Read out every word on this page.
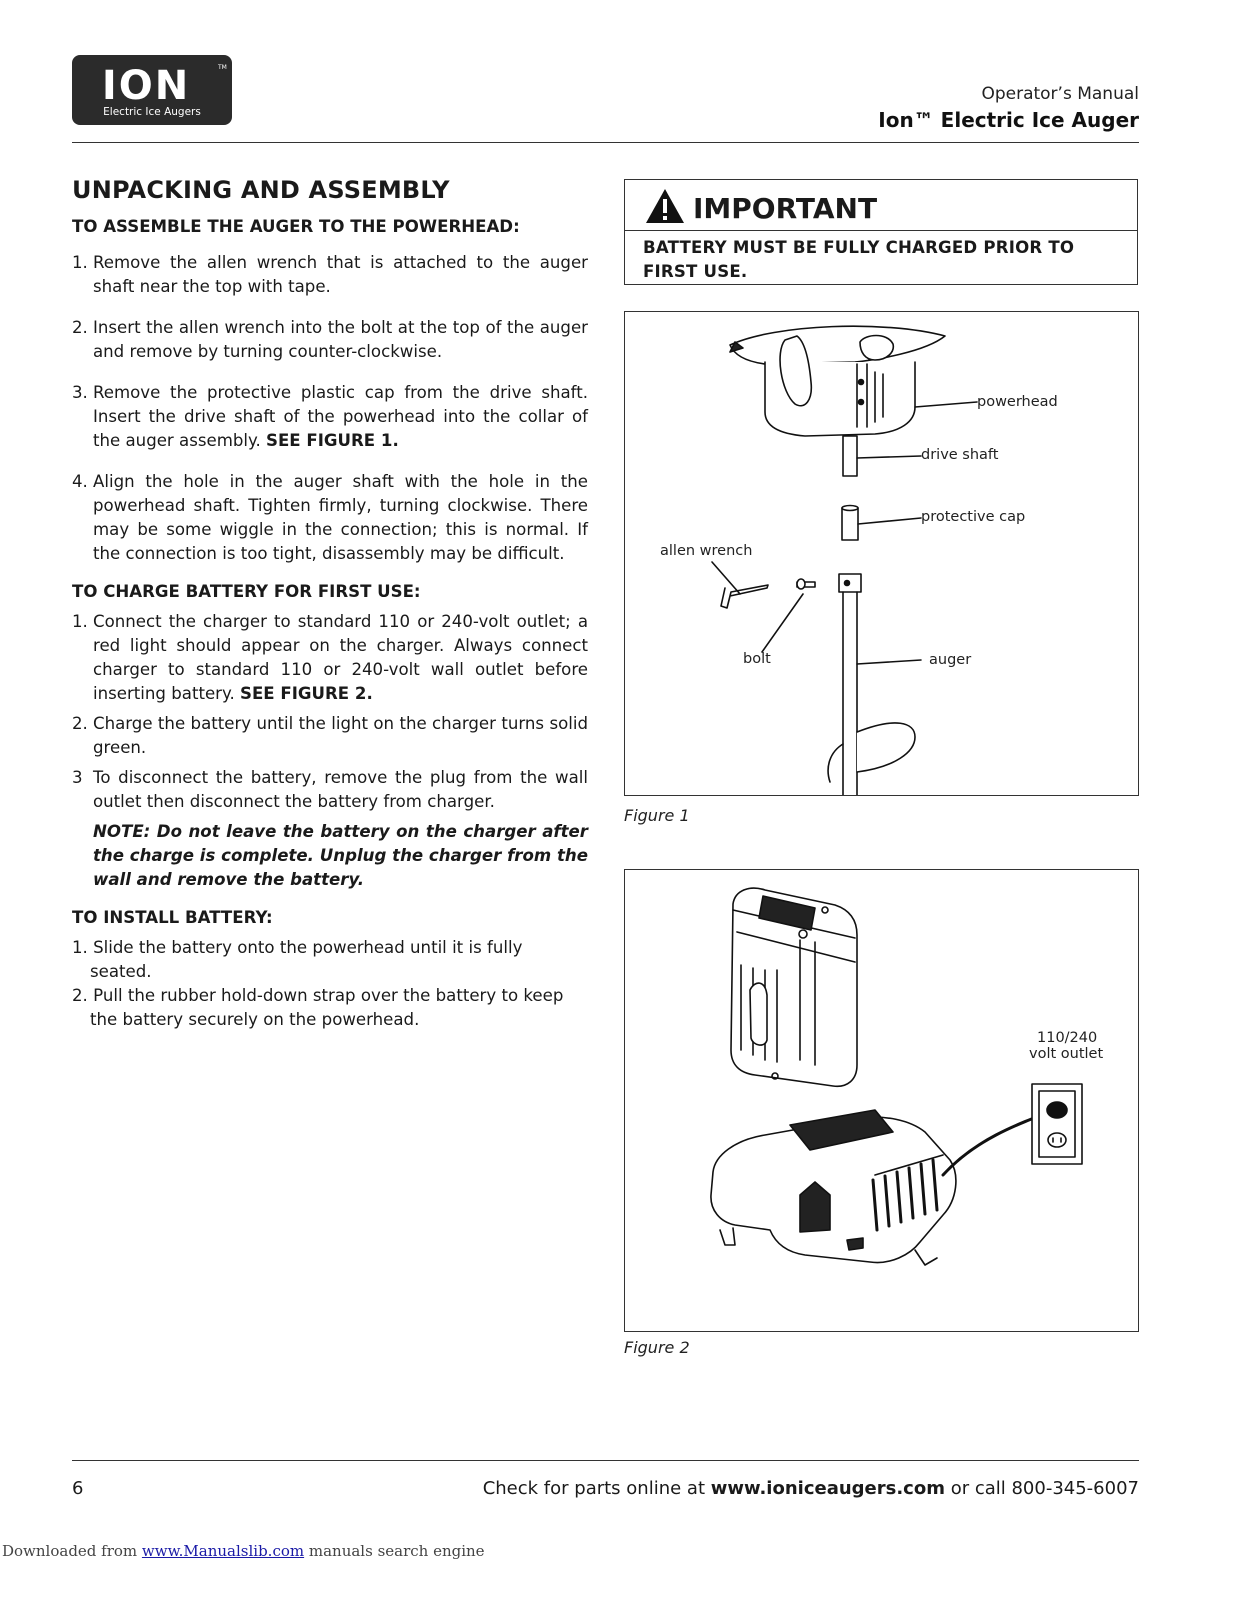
ION	TM
Electric Ice Augers
Operator’s Manual
Ion™ Electric Ice Auger
UNPACKING AND ASSEMBLY
TO ASSEMBLE THE AUGER TO THE POWERHEAD:
1. Remove the allen wrench that is attached to the auger shaft near the top with tape.
2. Insert the allen wrench into the bolt at the top of the auger and remove by turning counter-clockwise.
3. Remove the protective plastic cap from the drive shaft. Insert the drive shaft of the powerhead into the collar of the auger assembly. SEE FIGURE 1.
4. Align the hole in the auger shaft with the hole in the powerhead shaft. Tighten firmly, turning clockwise. There may be some wiggle in the connection; this is normal. If the connection is too tight, disassembly may be difficult.
TO CHARGE BATTERY FOR FIRST USE:
1. Connect the charger to standard 110 or 240-volt outlet; a red light should appear on the charger. Always connect charger to standard 110 or 240-volt wall outlet before inserting battery. SEE FIGURE 2.
2. Charge the battery until the light on the charger turns solid green.
3 To disconnect the battery, remove the plug from the wall outlet then disconnect the battery from charger.
NOTE: Do not leave the battery on the charger after the charge is complete. Unplug the charger from the wall and remove the battery.
TO INSTALL BATTERY:
1. Slide the battery onto the powerhead until it is fully seated.
2. Pull the rubber hold-down strap over the battery to keep the battery securely on the powerhead.
IMPORTANT
BATTERY MUST BE FULLY CHARGED PRIOR TO FIRST USE.
powerhead
drive shaft
protective cap
allen wrench
bolt	auger
Figure 1
110/240
volt outlet
Figure 2
6	Check for parts online at www.ioniceaugers.com or call 800-345-6007
Downloaded from www.Manualslib.com manuals search engine
